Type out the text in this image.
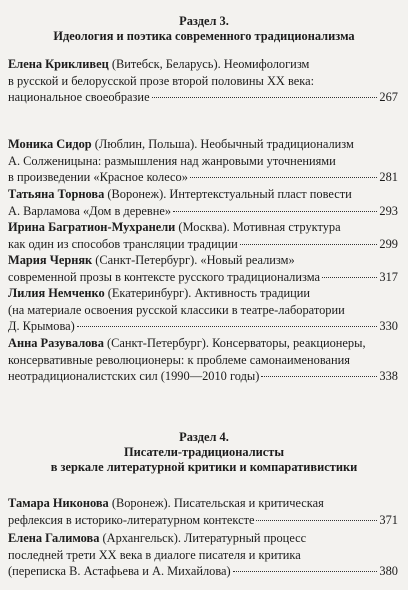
Раздел 3.
Идеология и поэтика современного традиционализма
Елена Крикливец (Витебск, Беларусь). Неомифологизм
в русской и белорусской прозе второй половины XX века:
национальное своеобразие	267
Моника Сидор (Люблин, Польша). Необычный традиционализм
А. Солженицына: размышления над жанровыми уточнениями
в произведении «Красное колесо»	281
Татьяна Торнова (Воронеж). Интертекстуальный пласт повести
А. Варламова «Дом в деревне»	293
Ирина Багратион-Мухранели (Москва). Мотивная структура
как один из способов трансляции традиции	299
Мария Черняк (Санкт-Петербург). «Новый реализм»
современной прозы в контексте русского традиционализма	317
Лилия Немченко (Екатеринбург). Активность традиции
(на материале освоения русской классики в театре-лаборатории
Д. Крымова)	330
Анна Разувалова (Санкт-Петербург). Консерваторы, реакционеры,
консервативные революционеры: к проблеме самонаименования
неотрадиционалистских сил (1990—2010 годы)	338
Раздел 4.
Писатели-традиционалисты
в зеркале литературной критики и компаративистики
Тамара Никонова (Воронеж). Писательская и критическая
рефлексия в историко-литературном контексте	371
Елена Галимова (Архангельск). Литературный процесс
последней трети XX века в диалоге писателя и критика
(переписка В. Астафьева и А. Михайлова)	380
